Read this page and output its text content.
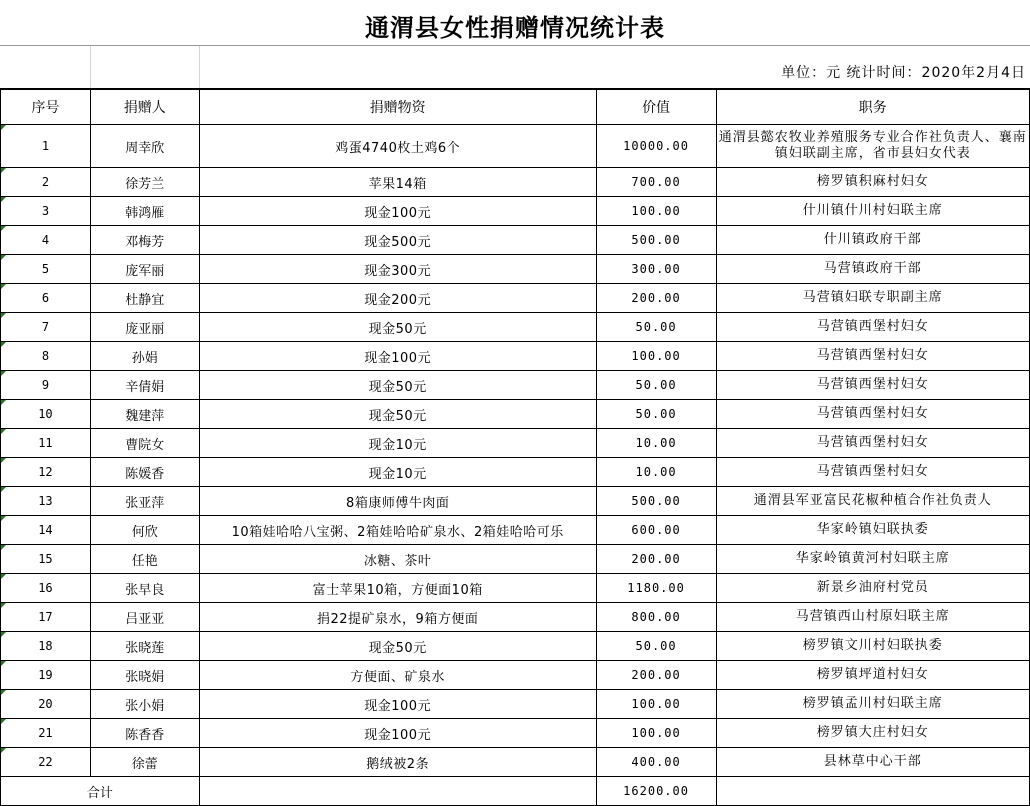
通渭县女性捐赠情况统计表
单位：元 统计时间：2020年2月4日
序号	捐赠人	捐赠物资	价值	职务

1	周幸欣	鸡蛋4740枚土鸡6个	10000.00	通渭县懿农牧业养殖服务专业合作社负责人、襄南镇妇联副主席，省市县妇女代表

2	徐芳兰	苹果14箱	700.00	榜罗镇积麻村妇女

3	韩鸿雁	现金100元	100.00	什川镇什川村妇联主席

4	邓梅芳	现金500元	500.00	什川镇政府干部

5	庞军丽	现金300元	300.00	马营镇政府干部

6	杜静宜	现金200元	200.00	马营镇妇联专职副主席

7	庞亚丽	现金50元	50.00	马营镇西堡村妇女

8	孙娟	现金100元	100.00	马营镇西堡村妇女

9	辛倩娟	现金50元	50.00	马营镇西堡村妇女

10	魏建萍	现金50元	50.00	马营镇西堡村妇女

11	曹院女	现金10元	10.00	马营镇西堡村妇女

12	陈媛香	现金10元	10.00	马营镇西堡村妇女

13	张亚萍	8箱康师傅牛肉面	500.00	通渭县军亚富民花椒种植合作社负责人

14	何欣	10箱娃哈哈八宝粥、2箱娃哈哈矿泉水、2箱娃哈哈可乐	600.00	华家岭镇妇联执委

15	任艳	冰糖、茶叶	200.00	华家岭镇黄河村妇联主席

16	张早良	富士苹果10箱，方便面10箱	1180.00	新景乡油府村党员

17	吕亚亚	捐22提矿泉水，9箱方便面	800.00	马营镇西山村原妇联主席

18	张晓莲	现金50元	50.00	榜罗镇文川村妇联执委

19	张晓娟	方便面、矿泉水	200.00	榜罗镇坪道村妇女

20	张小娟	现金100元	100.00	榜罗镇孟川村妇联主席

21	陈香香	现金100元	100.00	榜罗镇大庄村妇女

22	徐蕾	鹅绒被2条	400.00	县林草中心干部
合计			16200.00	
